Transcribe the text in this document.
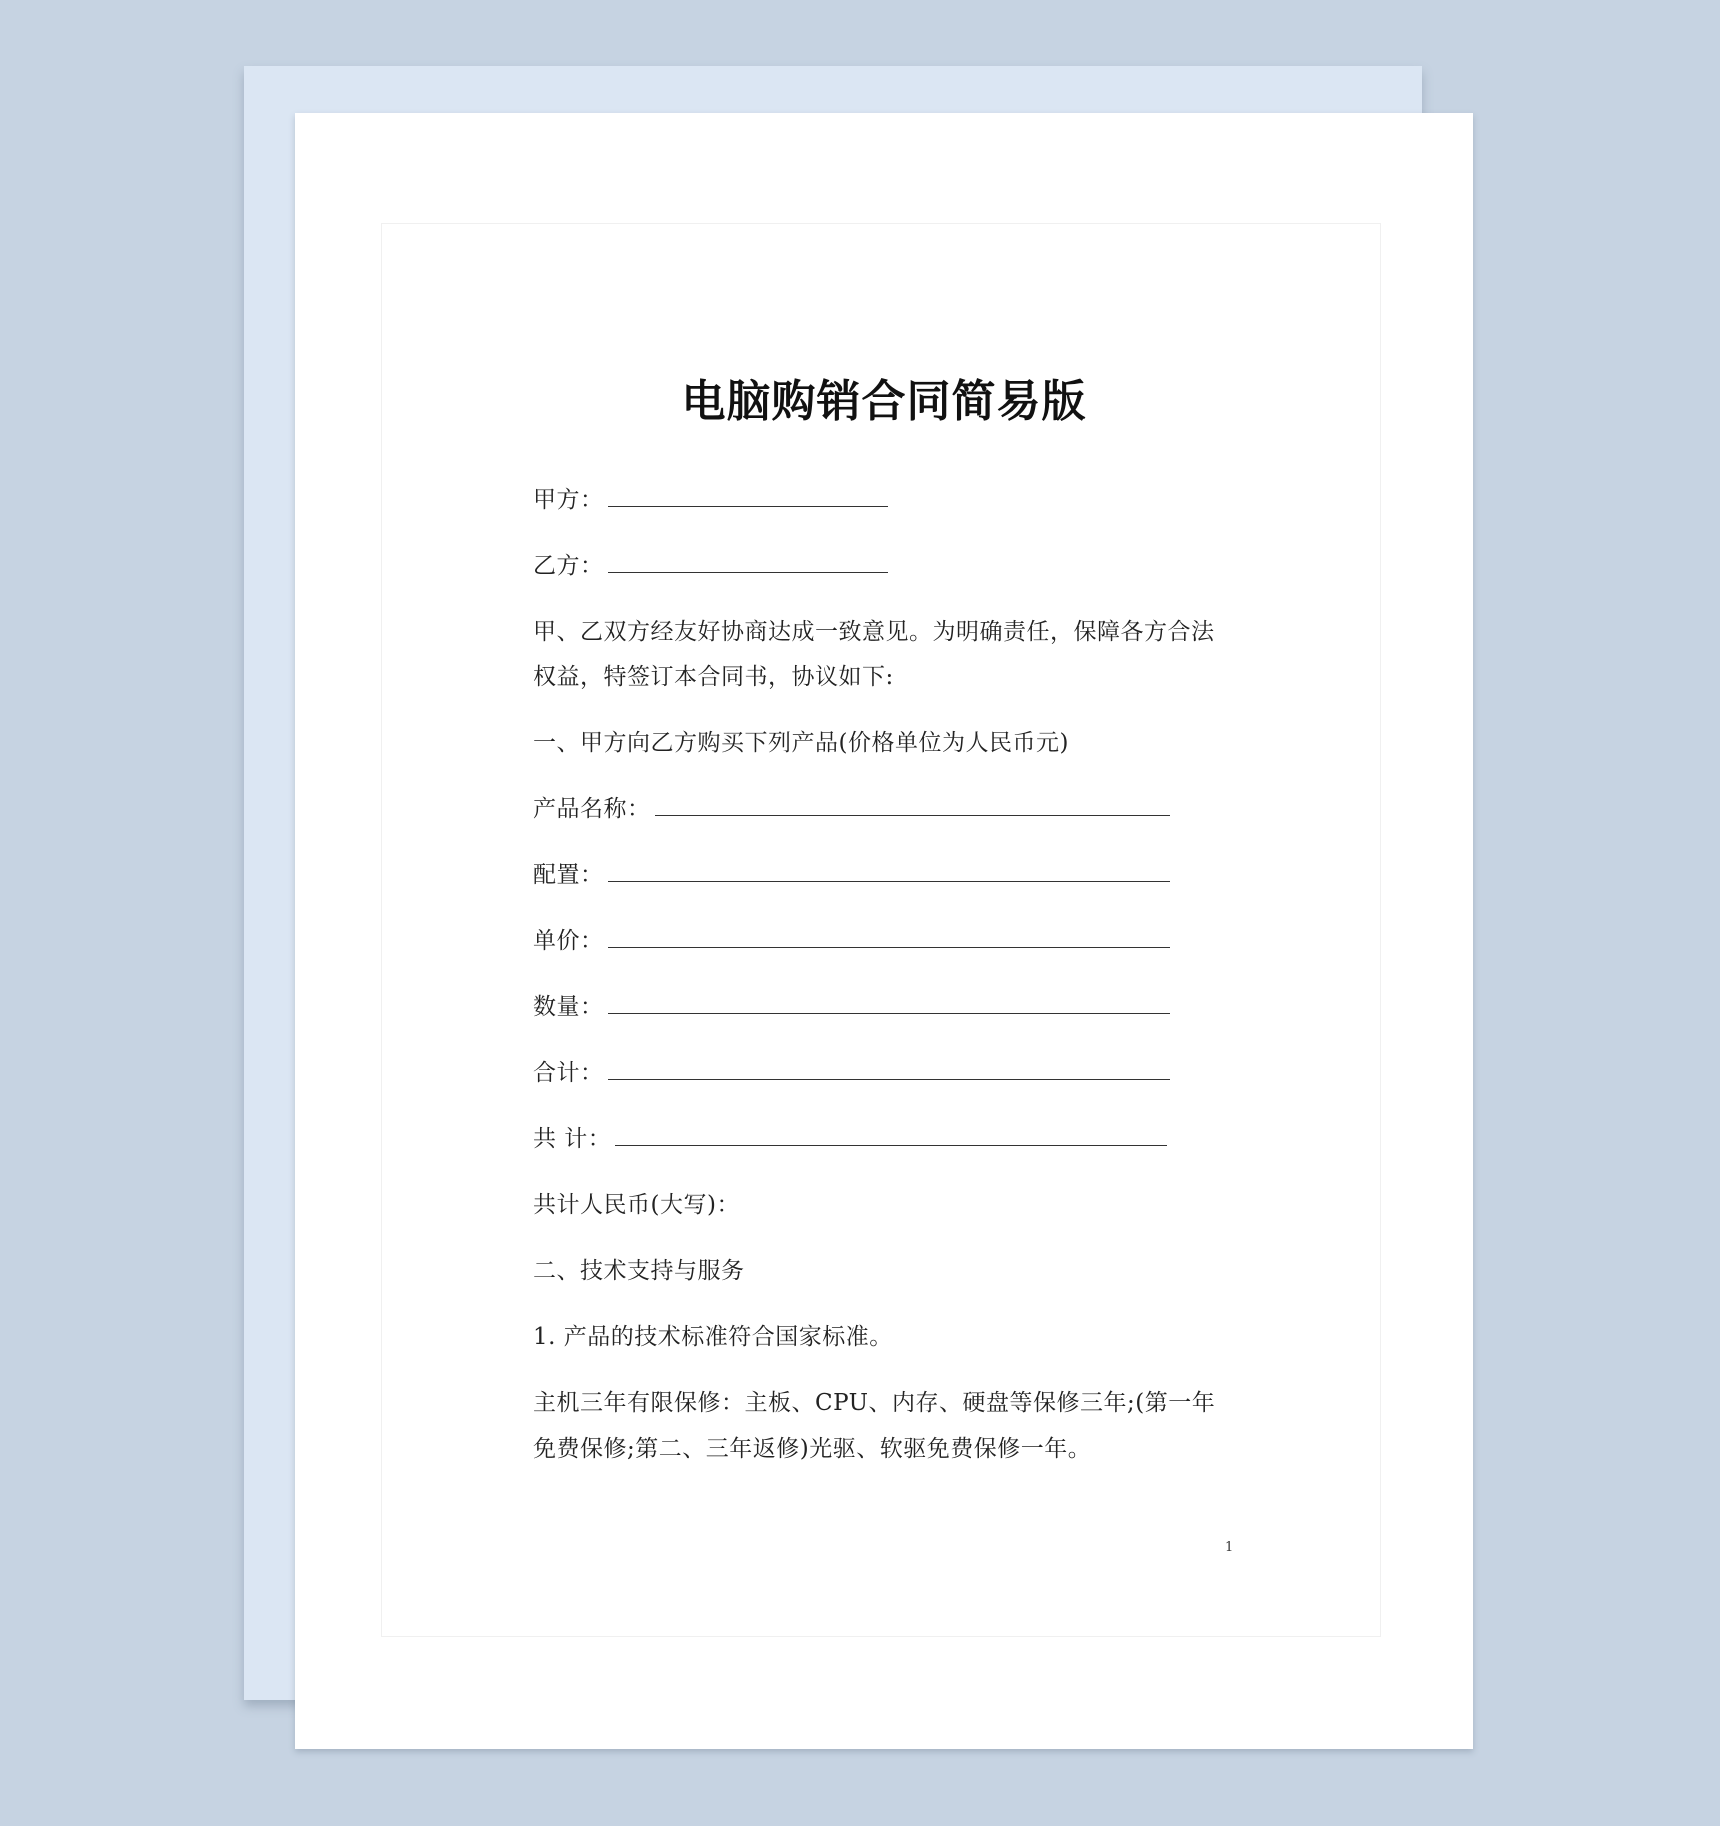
电脑购销合同简易版
甲方：
乙方：
甲、乙双方经友好协商达成一致意见。为明确责任，保障各方合法
权益，特签订本合同书，协议如下:
一、甲方向乙方购买下列产品(价格单位为人民币元)
产品名称：
配置：
单价：
数量：
合计：
共 计：
共计人民币(大写)：
二、技术支持与服务
1. 产品的技术标准符合国家标准。
主机三年有限保修：主板、CPU、内存、硬盘等保修三年;(第一年
免费保修;第二、三年返修)光驱、软驱免费保修一年。
1
